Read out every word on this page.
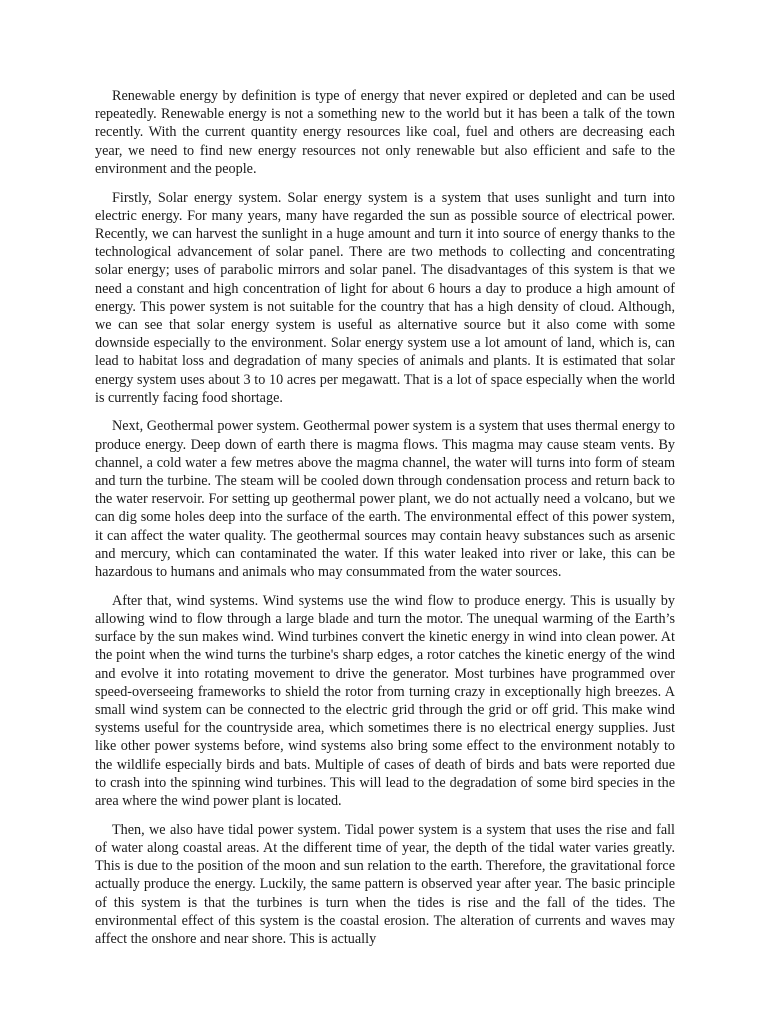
Renewable energy by definition is type of energy that never expired or depleted and can be used repeatedly. Renewable energy is not a something new to the world but it has been a talk of the town recently. With the current quantity energy resources like coal, fuel and others are decreasing each year, we need to find new energy resources not only renewable but also efficient and safe to the environment and the people.

Firstly, Solar energy system. Solar energy system is a system that uses sunlight and turn into electric energy. For many years, many have regarded the sun as possible source of electrical power. Recently, we can harvest the sunlight in a huge amount and turn it into source of energy thanks to the technological advancement of solar panel. There are two methods to collecting and concentrating solar energy; uses of parabolic mirrors and solar panel. The disadvantages of this system is that we need a constant and high concentration of light for about 6 hours a day to produce a high amount of energy. This power system is not suitable for the country that has a high density of cloud. Although, we can see that solar energy system is useful as alternative source but it also come with some downside especially to the environment. Solar energy system use a lot amount of land, which is, can lead to habitat loss and degradation of many species of animals and plants. It is estimated that solar energy system uses about 3 to 10 acres per megawatt. That is a lot of space especially when the world is currently facing food shortage.

Next, Geothermal power system. Geothermal power system is a system that uses thermal energy to produce energy. Deep down of earth there is magma flows. This magma may cause steam vents. By channel, a cold water a few metres above the magma channel, the water will turns into form of steam and turn the turbine. The steam will be cooled down through condensation process and return back to the water reservoir. For setting up geothermal power plant, we do not actually need a volcano, but we can dig some holes deep into the surface of the earth. The environmental effect of this power system, it can affect the water quality. The geothermal sources may contain heavy substances such as arsenic and mercury, which can contaminated the water. If this water leaked into river or lake, this can be hazardous to humans and animals who may consummated from the water sources.

After that, wind systems. Wind systems use the wind flow to produce energy. This is usually by allowing wind to flow through a large blade and turn the motor. The unequal warming of the Earth’s surface by the sun makes wind. Wind turbines convert the kinetic energy in wind into clean power. At the point when the wind turns the turbine's sharp edges, a rotor catches the kinetic energy of the wind and evolve it into rotating movement to drive the generator. Most turbines have programmed over speed-overseeing frameworks to shield the rotor from turning crazy in exceptionally high breezes. A small wind system can be connected to the electric grid through the grid or off grid. This make wind systems useful for the countryside area, which sometimes there is no electrical energy supplies. Just like other power systems before, wind systems also bring some effect to the environment notably to the wildlife especially birds and bats. Multiple of cases of death of birds and bats were reported due to crash into the spinning wind turbines. This will lead to the degradation of some bird species in the area where the wind power plant is located.

Then, we also have tidal power system. Tidal power system is a system that uses the rise and fall of water along coastal areas. At the different time of year, the depth of the tidal water varies greatly. This is due to the position of the moon and sun relation to the earth. Therefore, the gravitational force actually produce the energy. Luckily, the same pattern is observed year after year. The basic principle of this system is that the turbines is turn when the tides is rise and the fall of the tides. The environmental effect of this system is the coastal erosion. The alteration of currents and waves may affect the onshore and near shore. This is actually
